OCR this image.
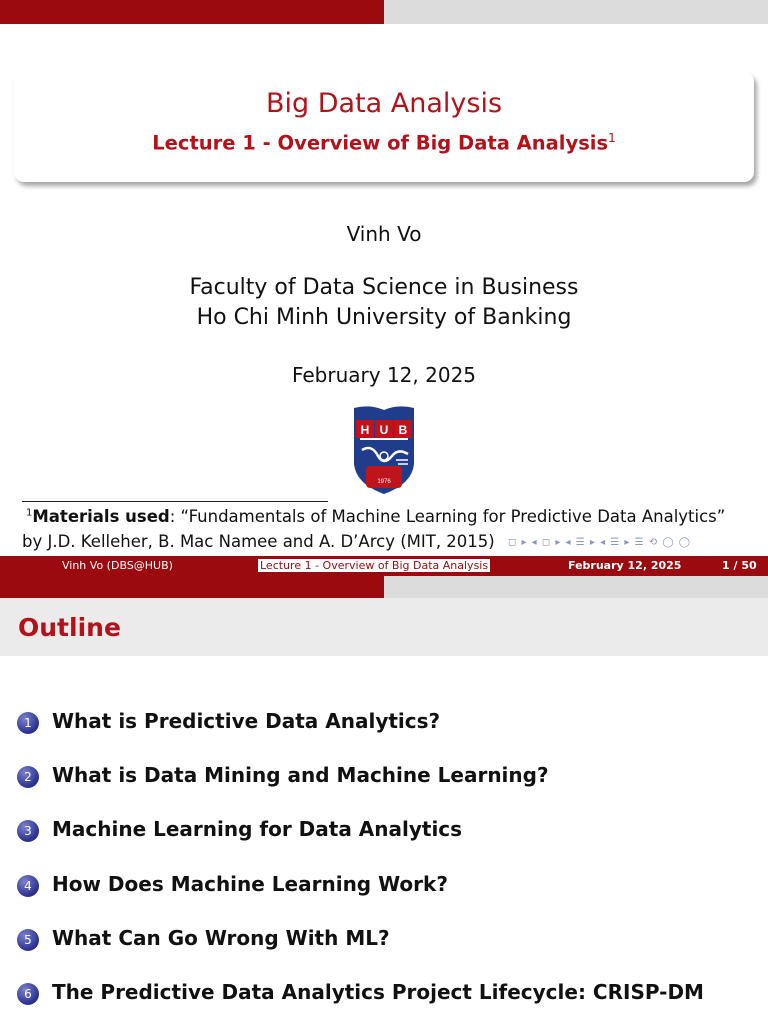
Big Data Analysis
Lecture 1 - Overview of Big Data Analysis$^1$
Vinh Vo
Faculty of Data Science in Business
Ho Chi Minh University of Banking
February 12, 2025
H U B
1976
$^1$Materials used: “Fundamentals of Machine Learning for Predictive Data Analytics”
by J.D. Kelleher, B. Mac Namee and A. D’Arcy (MIT, 2015) ◻ ▸ ◂ ◻ ▸ ◂ ☰ ▸ ◂ ☰ ▸ ☰ ⟲ ◯ ◯
Vinh Vo (DBS@HUB)	Lecture 1 - Overview of Big Data Analysis	February 12, 2025	1 / 50
Outline
1	What is Predictive Data Analytics?
2	What is Data Mining and Machine Learning?
3	Machine Learning for Data Analytics
4	How Does Machine Learning Work?
5	What Can Go Wrong With ML?
6	The Predictive Data Analytics Project Lifecycle: CRISP-DM
